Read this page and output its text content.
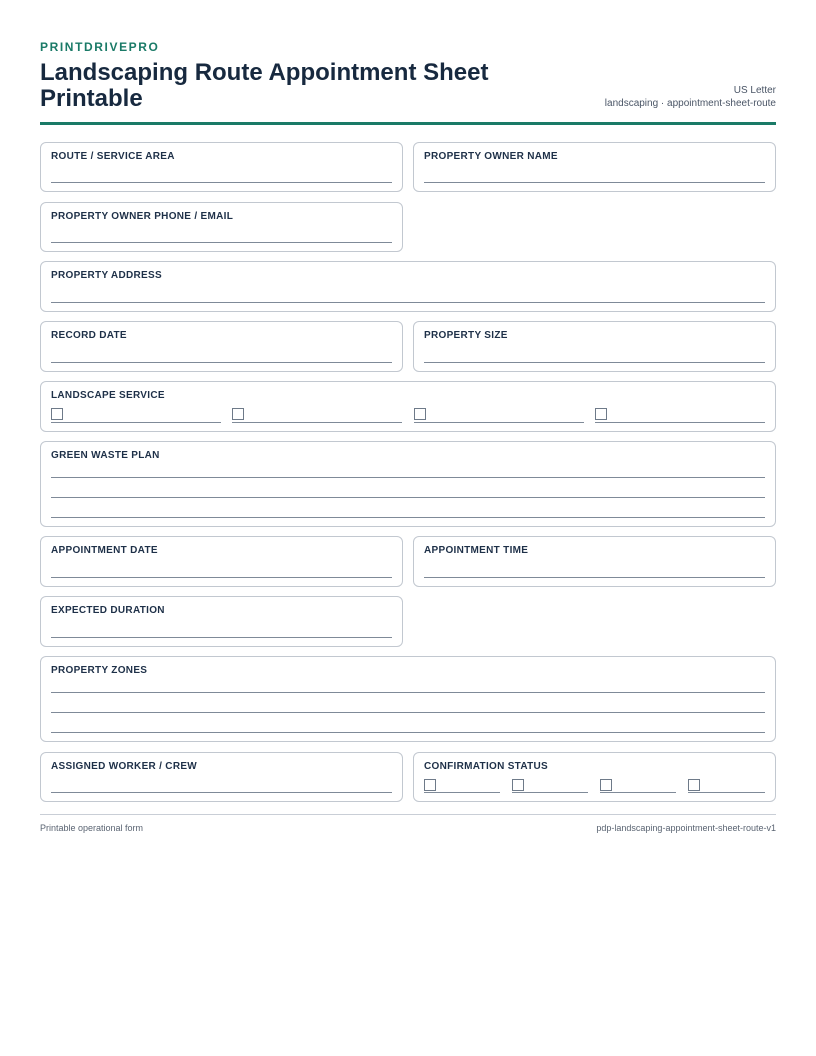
PRINTDRIVEPRO
Landscaping Route Appointment Sheet Printable	US Letter
landscaping · appointment-sheet-route
ROUTE / SERVICE AREA	PROPERTY OWNER NAME
PROPERTY OWNER PHONE / EMAIL
PROPERTY ADDRESS
RECORD DATE	PROPERTY SIZE
LANDSCAPE SERVICE
GREEN WASTE PLAN
APPOINTMENT DATE	APPOINTMENT TIME
EXPECTED DURATION
PROPERTY ZONES
ASSIGNED WORKER / CREW	CONFIRMATION STATUS
Printable operational form	pdp-landscaping-appointment-sheet-route-v1
